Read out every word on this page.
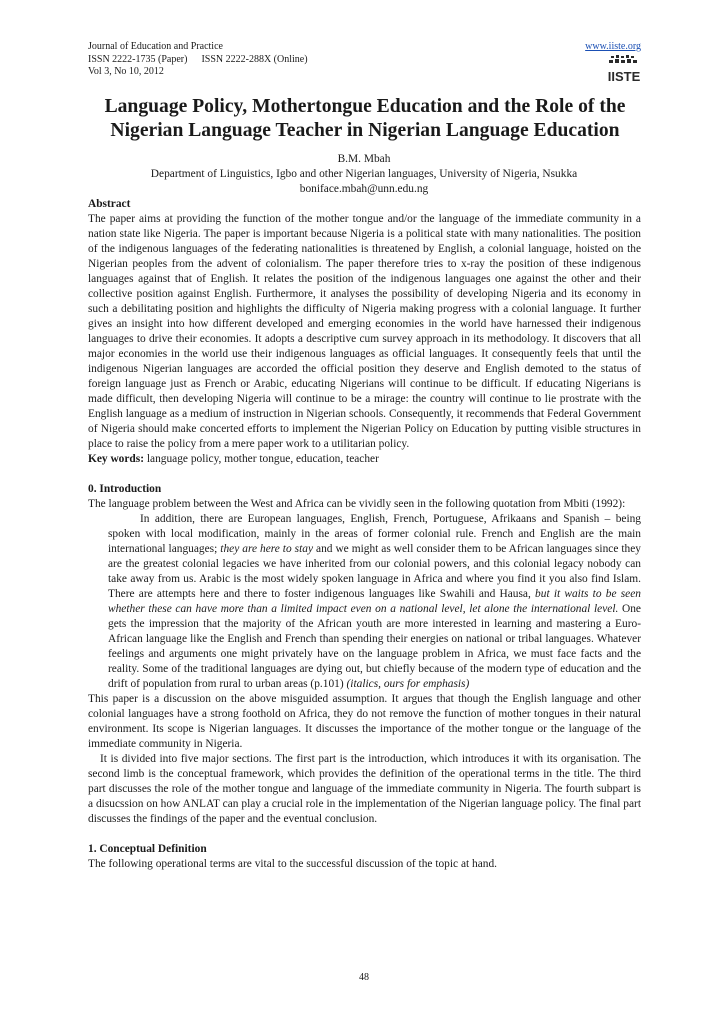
Journal of Education and Practice
ISSN 2222-1735 (Paper) ISSN 2222-288X (Online)
Vol 3, No 10, 2012
www.iiste.org
IISTE
Language Policy, Mothertongue Education and the Role of the
Nigerian Language Teacher in Nigerian Language Education
B.M. Mbah
Department of Linguistics, Igbo and other Nigerian languages, University of Nigeria, Nsukka
boniface.mbah@unn.edu.ng

Abstract

The paper aims at providing the function of the mother tongue and/or the language of the immediate community in a nation state like Nigeria. The paper is important because Nigeria is a political state with many nationalities. The position of the indigenous languages of the federating nationalities is threatened by English, a colonial language, hoisted on the Nigerian peoples from the advent of colonialism. The paper therefore tries to x-ray the position of these indigenous languages against that of English. It relates the position of the indigenous languages one against the other and their collective position against English. Furthermore, it analyses the possibility of developing Nigeria and its economy in such a debilitating position and highlights the difficulty of Nigeria making progress with a colonial language. It further gives an insight into how different developed and emerging economies in the world have harnessed their indigenous languages to drive their economies. It adopts a descriptive cum survey approach in its methodology. It discovers that all major economies in the world use their indigenous languages as official languages. It consequently feels that until the indigenous Nigerian languages are accorded the official position they deserve and English demoted to the status of foreign language just as French or Arabic, educating Nigerians will continue to be difficult. If educating Nigerians is made difficult, then developing Nigeria will continue to be a mirage: the country will continue to lie prostrate with the English language as a medium of instruction in Nigerian schools. Consequently, it recommends that Federal Government of Nigeria should make concerted efforts to implement the Nigerian Policy on Education by putting visible structures in place to raise the policy from a mere paper work to a utilitarian policy.

Key words: language policy, mother tongue, education, teacher

0. Introduction

The language problem between the West and Africa can be vividly seen in the following quotation from Mbiti (1992):

In addition, there are European languages, English, French, Portuguese, Afrikaans and Spanish – being spoken with local modification, mainly in the areas of former colonial rule. French and English are the main international languages; they are here to stay and we might as well consider them to be African languages since they are the greatest colonial legacies we have inherited from our colonial powers, and this colonial legacy nobody can take away from us. Arabic is the most widely spoken language in Africa and where you find it you also find Islam. There are attempts here and there to foster indigenous languages like Swahili and Hausa, but it waits to be seen whether these can have more than a limited impact even on a national level, let alone the international level. One gets the impression that the majority of the African youth are more interested in learning and mastering a Euro-African language like the English and French than spending their energies on national or tribal languages. Whatever feelings and arguments one might privately have on the language problem in Africa, we must face facts and the reality. Some of the traditional languages are dying out, but chiefly because of the modern type of education and the drift of population from rural to urban areas (p.101) (italics, ours for emphasis)

This paper is a discussion on the above misguided assumption. It argues that though the English language and other colonial languages have a strong foothold on Africa, they do not remove the function of mother tongues in their natural environment. Its scope is Nigerian languages. It discusses the importance of the mother tongue or the language of the immediate community in Nigeria.

It is divided into five major sections. The first part is the introduction, which introduces it with its organisation. The second limb is the conceptual framework, which provides the definition of the operational terms in the title. The third part discusses the role of the mother tongue and language of the immediate community in Nigeria. The fourth subpart is a disucssion on how ANLAT can play a crucial role in the implementation of the Nigerian language policy. The final part discusses the findings of the paper and the eventual conclusion.

1. Conceptual Definition

The following operational terms are vital to the successful discussion of the topic at hand.

48
